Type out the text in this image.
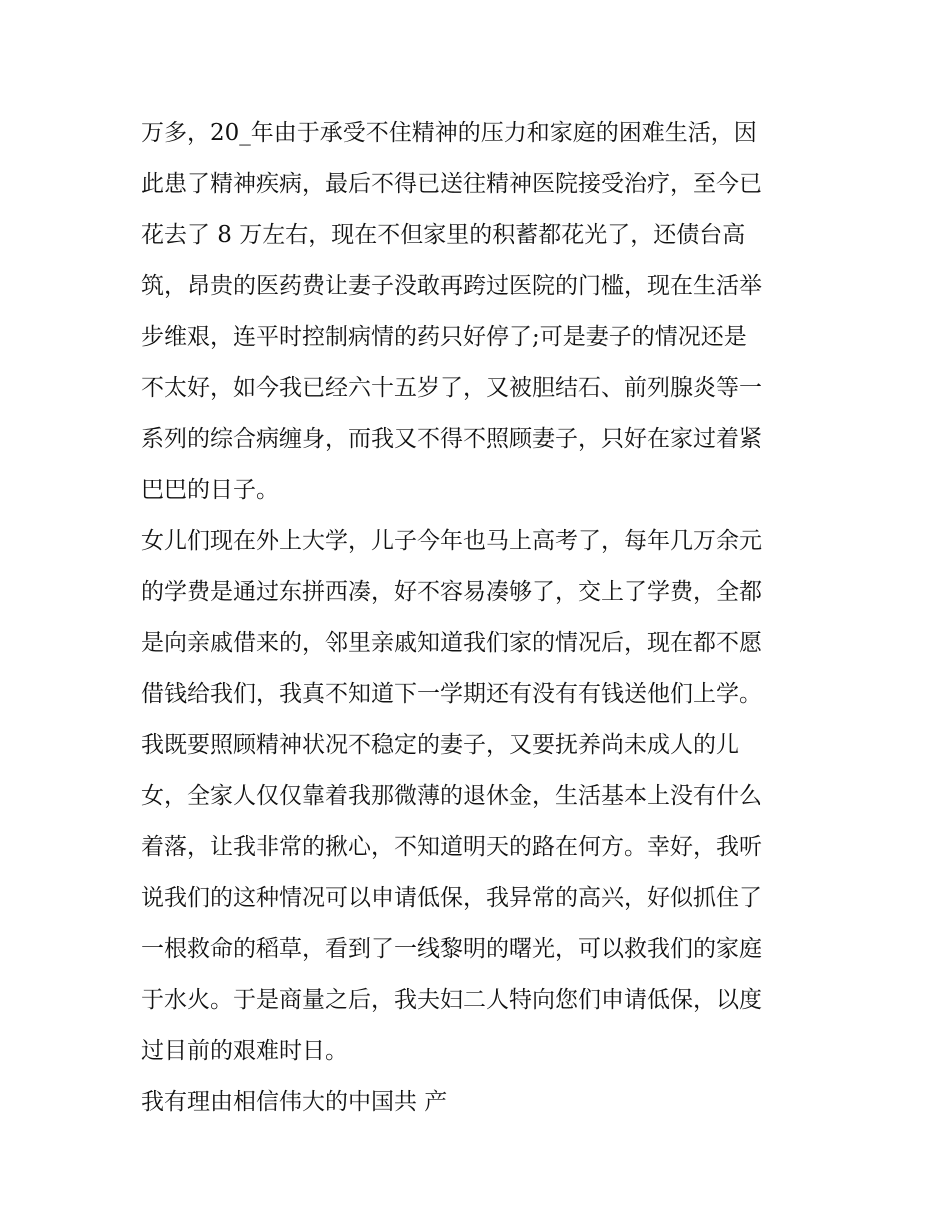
万多，20_年由于承受不住精神的压力和家庭的困难生活，因
此患了精神疾病，最后不得已送往精神医院接受治疗，至今已
花去了 8 万左右，现在不但家里的积蓄都花光了，还债台高
筑，昂贵的医药费让妻子没敢再跨过医院的门槛，现在生活举
步维艰，连平时控制病情的药只好停了;可是妻子的情况还是
不太好，如今我已经六十五岁了，又被胆结石、前列腺炎等一
系列的综合病缠身，而我又不得不照顾妻子，只好在家过着紧
巴巴的日子。
女儿们现在外上大学，儿子今年也马上高考了，每年几万余元
的学费是通过东拼西凑，好不容易凑够了，交上了学费，全都
是向亲戚借来的，邻里亲戚知道我们家的情况后，现在都不愿
借钱给我们，我真不知道下一学期还有没有有钱送他们上学。
我既要照顾精神状况不稳定的妻子，又要抚养尚未成人的儿
女，全家人仅仅靠着我那微薄的退休金，生活基本上没有什么
着落，让我非常的揪心，不知道明天的路在何方。幸好，我听
说我们的这种情况可以申请低保，我异常的高兴，好似抓住了
一根救命的稻草，看到了一线黎明的曙光，可以救我们的家庭
于水火。于是商量之后，我夫妇二人特向您们申请低保，以度
过目前的艰难时日。
我有理由相信伟大的中国共 产
